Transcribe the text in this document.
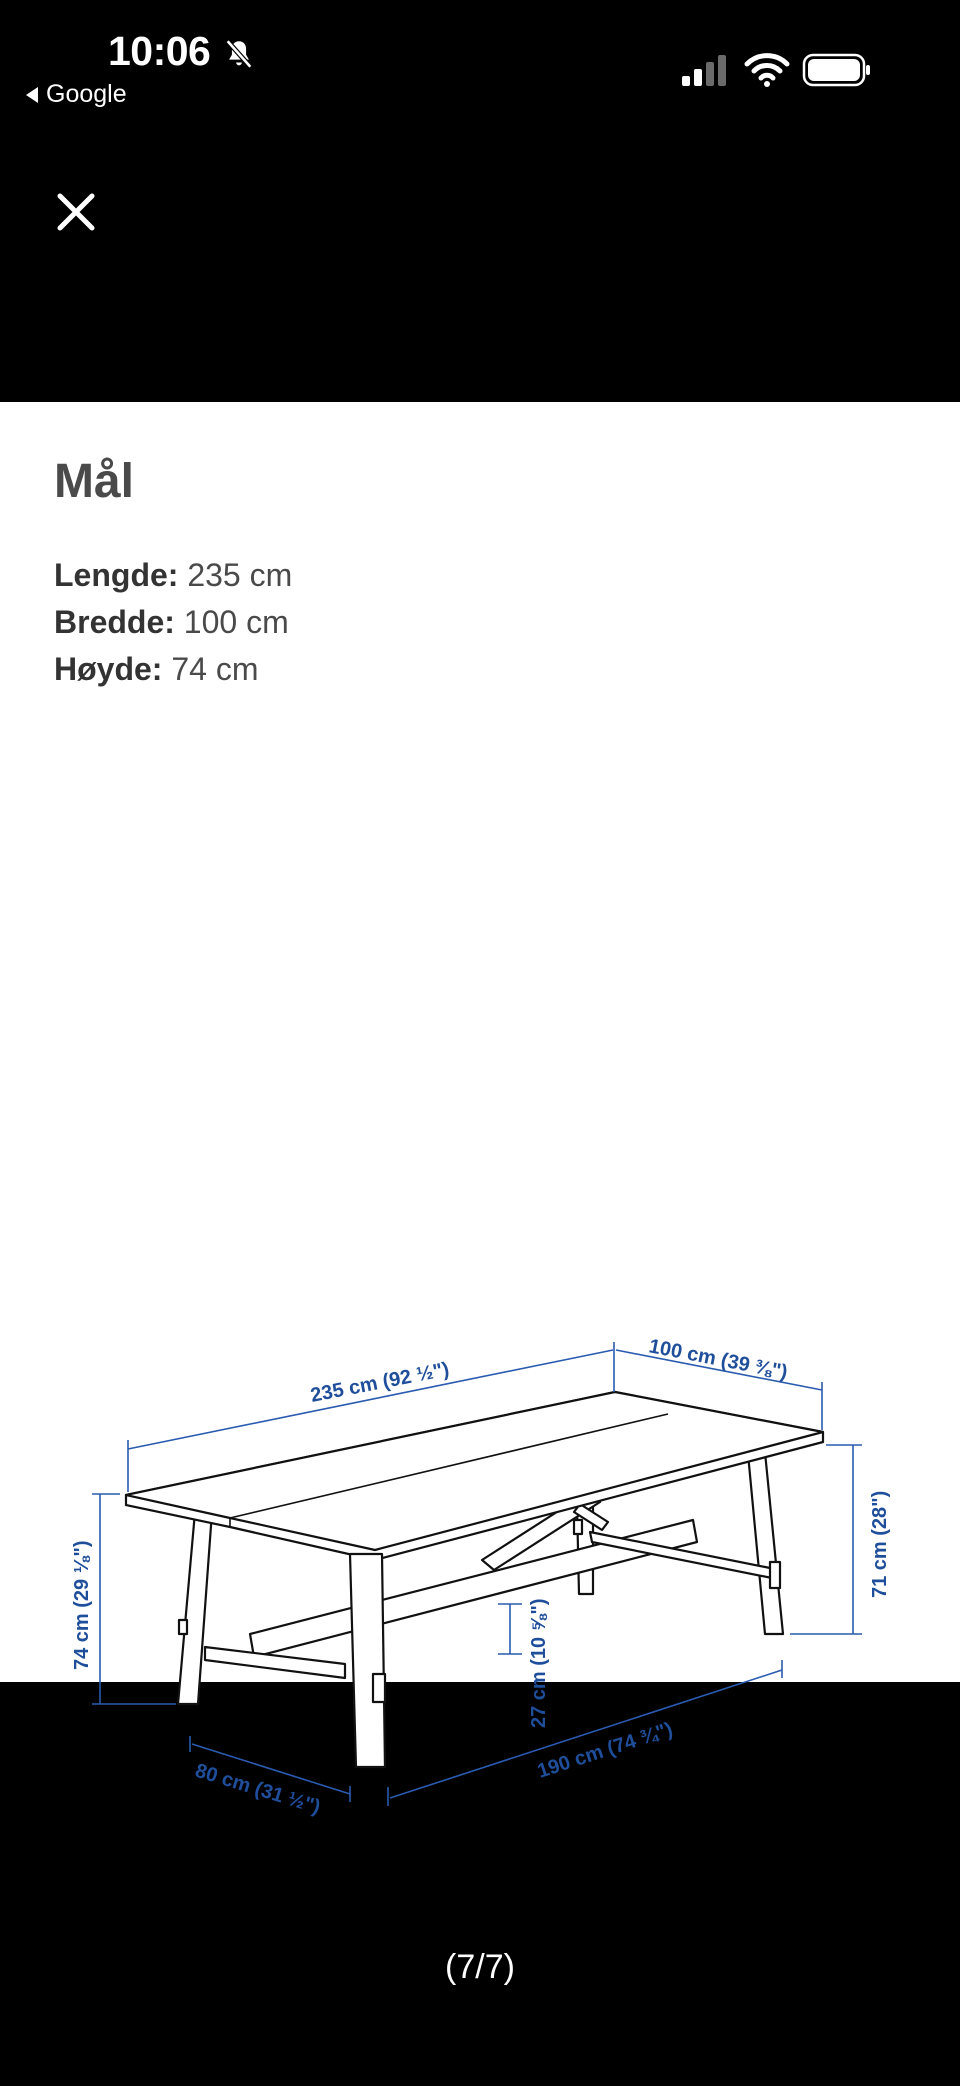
10:06
Google
Mål
Lengde: 235 cm
Bredde: 100 cm
Høyde: 74 cm
235 cm (92 ½")	100 cm (39 ⅜")
74 cm (29 ⅛")	71 cm (28")
27 cm (10 ⅝")
190 cm (74 ¾")
80 cm (31 ½")
(7/7)
